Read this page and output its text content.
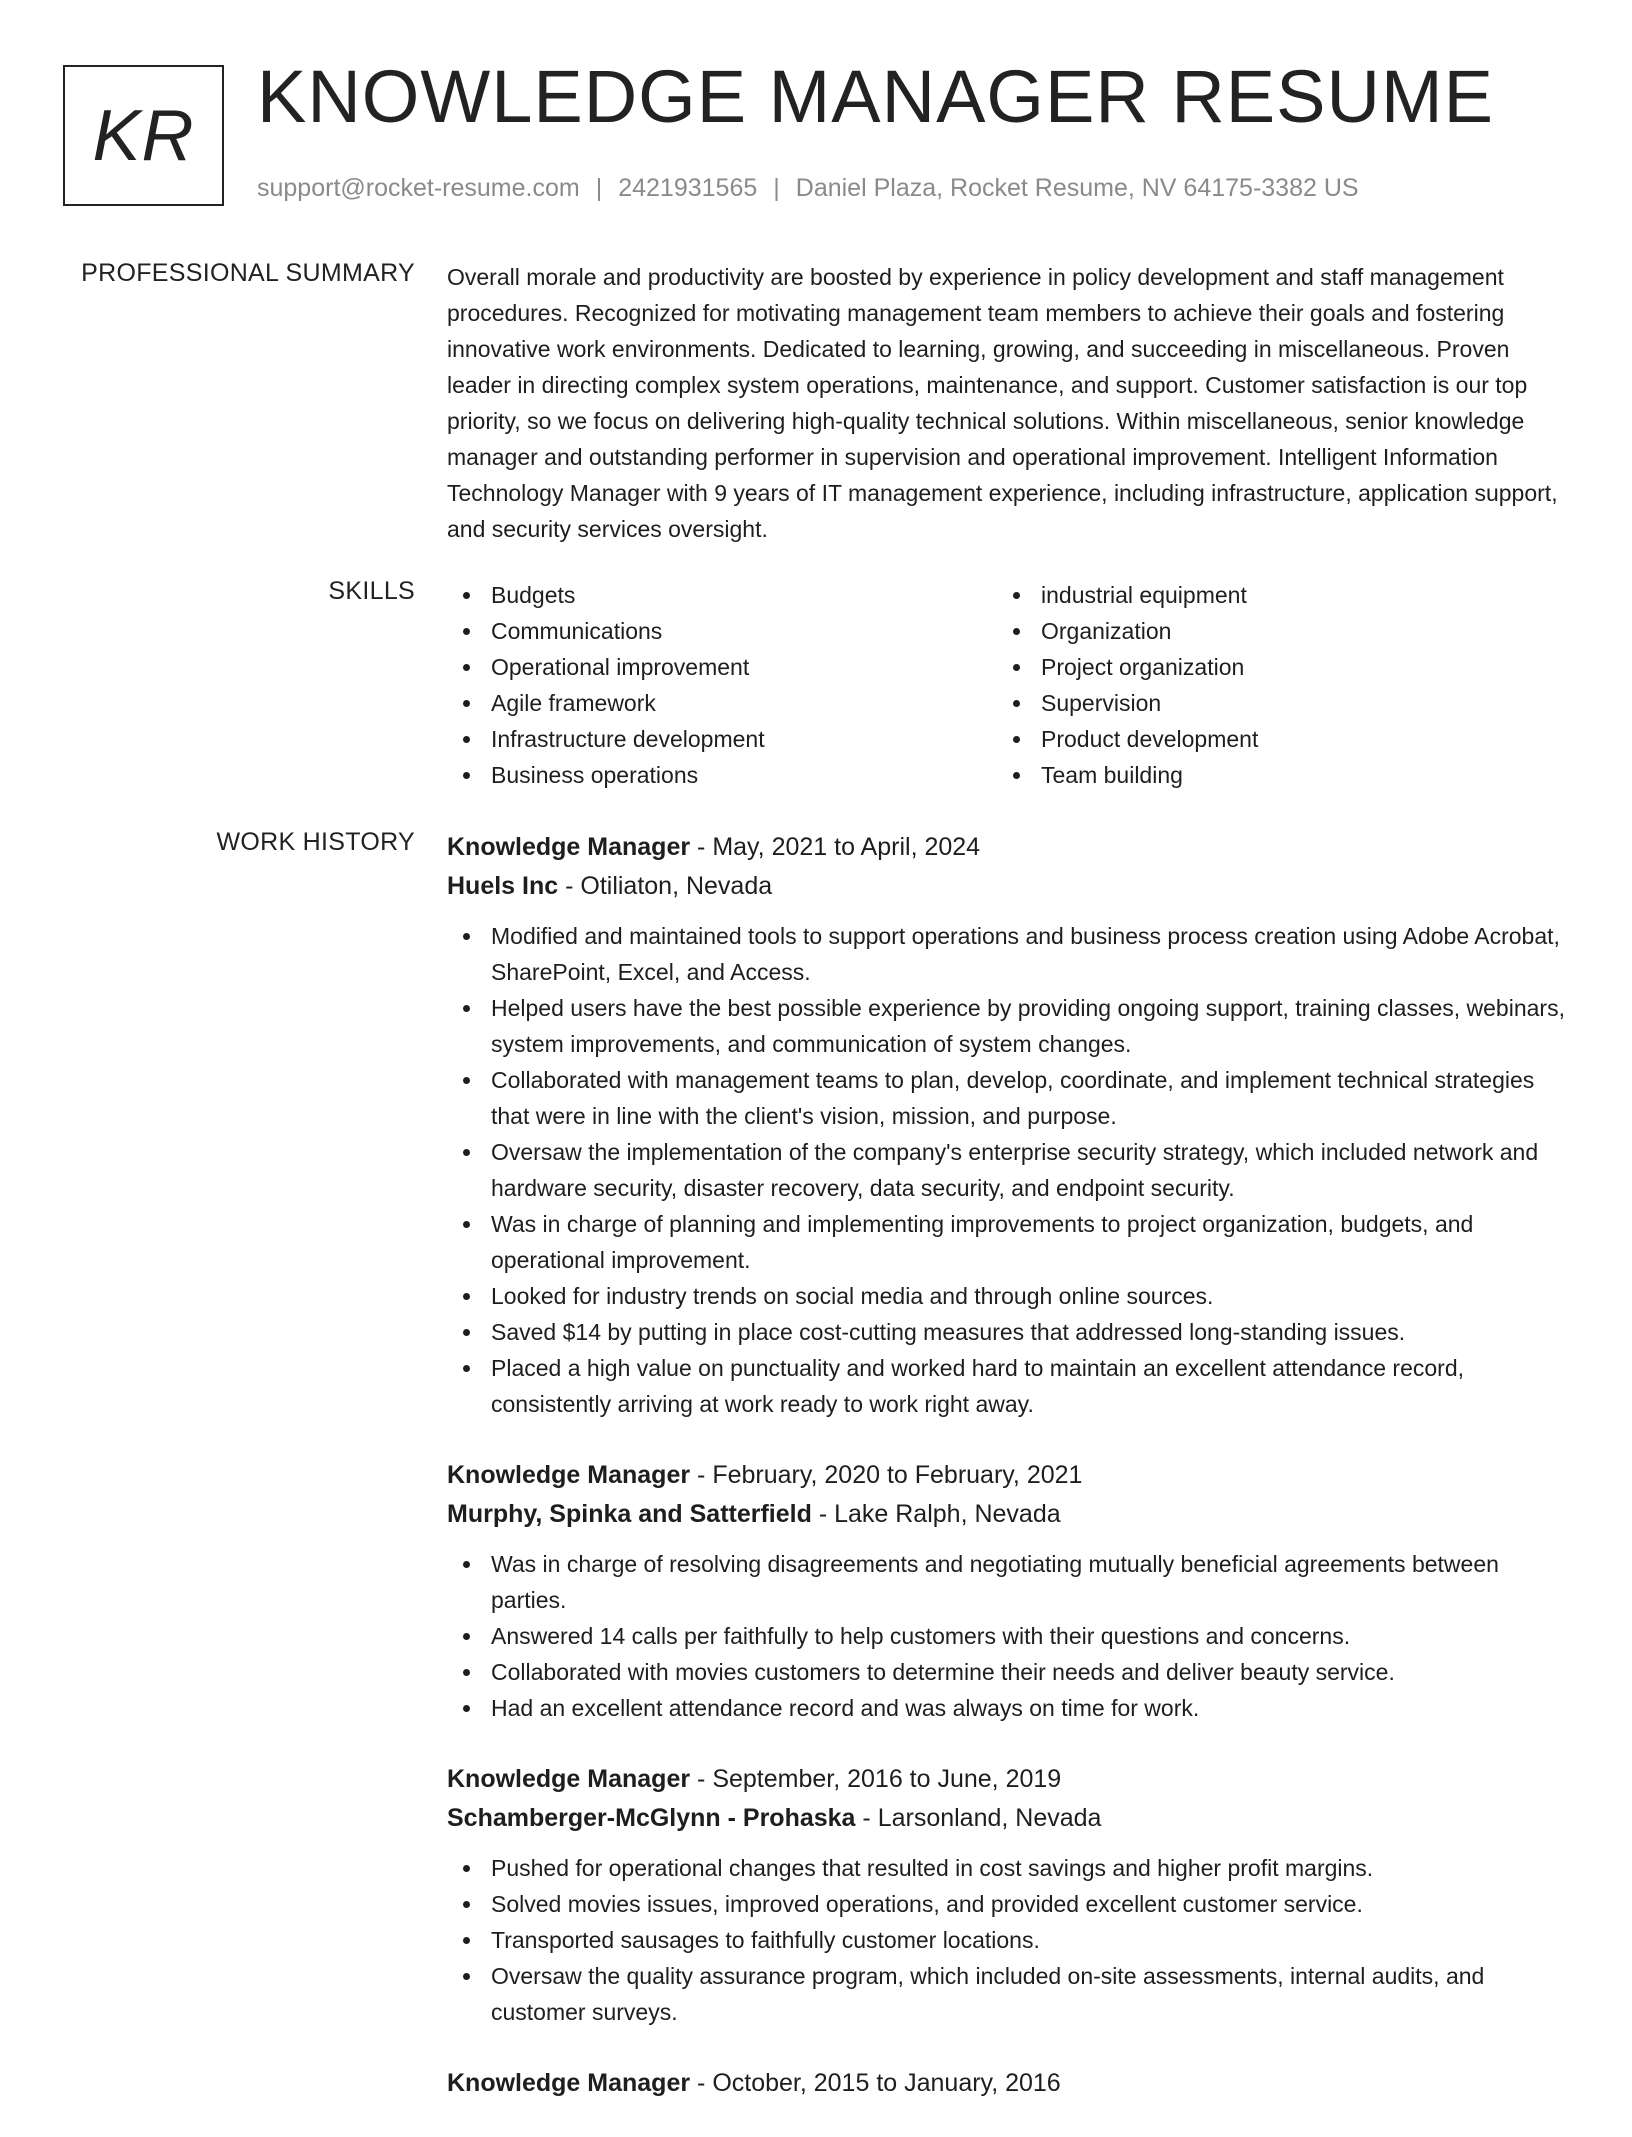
KR KNOWLEDGE MANAGER RESUME
support@rocket-resume.com | 2421931565 | Daniel Plaza, Rocket Resume, NV 64175-3382 US
PROFESSIONAL SUMMARY Overall morale and productivity are boosted by experience in policy development and staff management procedures. Recognized for motivating management team members to achieve their goals and fostering innovative work environments. Dedicated to learning, growing, and succeeding in miscellaneous. Proven leader in directing complex system operations, maintenance, and support. Customer satisfaction is our top priority, so we focus on delivering high-quality technical solutions. Within miscellaneous, senior knowledge manager and outstanding performer in supervision and operational improvement. Intelligent Information Technology Manager with 9 years of IT management experience, including infrastructure, application support, and security services oversight.

SKILLS	Budgets
Communications
Operational improvement
Agile framework
Infrastructure development
Business operations
industrial equipment
Organization
Project organization
Supervision
Product development
Team building
WORK HISTORY Knowledge Manager - May, 2021 to April, 2024
Huels Inc - Otiliaton, Nevada
Modified and maintained tools to support operations and business process creation using Adobe Acrobat, SharePoint, Excel, and Access.
Helped users have the best possible experience by providing ongoing support, training classes, webinars, system improvements, and communication of system changes.
Collaborated with management teams to plan, develop, coordinate, and implement technical strategies that were in line with the client's vision, mission, and purpose.
Oversaw the implementation of the company's enterprise security strategy, which included network and hardware security, disaster recovery, data security, and endpoint security.
Was in charge of planning and implementing improvements to project organization, budgets, and operational improvement.
Looked for industry trends on social media and through online sources.
Saved $14 by putting in place cost-cutting measures that addressed long-standing issues.
Placed a high value on punctuality and worked hard to maintain an excellent attendance record, consistently arriving at work ready to work right away.
Knowledge Manager - February, 2020 to February, 2021
Murphy, Spinka and Satterfield - Lake Ralph, Nevada
Was in charge of resolving disagreements and negotiating mutually beneficial agreements between parties.
Answered 14 calls per faithfully to help customers with their questions and concerns.
Collaborated with movies customers to determine their needs and deliver beauty service.
Had an excellent attendance record and was always on time for work.
Knowledge Manager - September, 2016 to June, 2019
Schamberger-McGlynn - Prohaska - Larsonland, Nevada
Pushed for operational changes that resulted in cost savings and higher profit margins.
Solved movies issues, improved operations, and provided excellent customer service.
Transported sausages to faithfully customer locations.
Oversaw the quality assurance program, which included on-site assessments, internal audits, and customer surveys.
Knowledge Manager - October, 2015 to January, 2016
